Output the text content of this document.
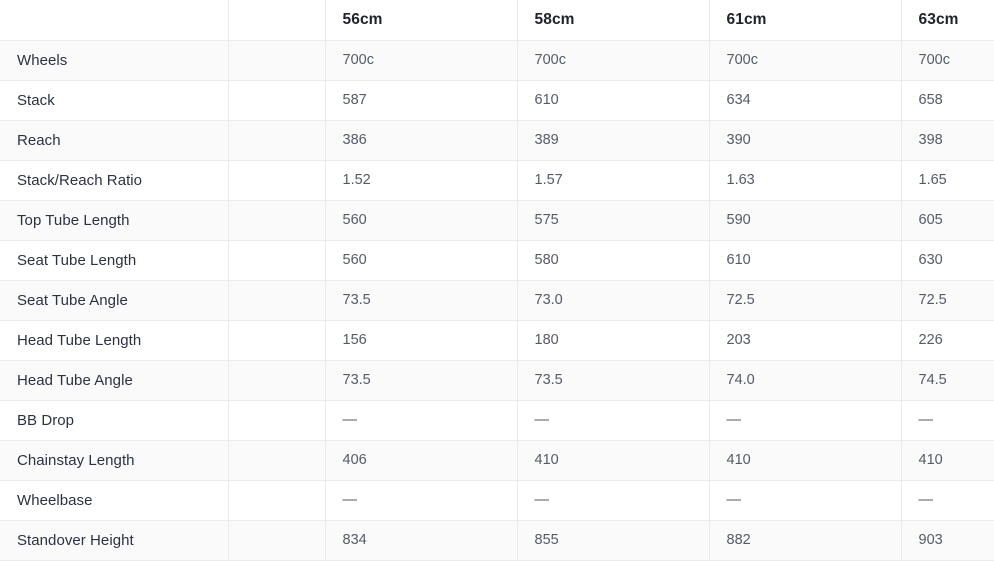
		56cm	58cm	61cm	63cm
Wheels		700c	700c	700c	700c
Stack		587	610	634	658
Reach		386	389	390	398
Stack/Reach Ratio		1.52	1.57	1.63	1.65
Top Tube Length		560	575	590	605
Seat Tube Length		560	580	610	630
Seat Tube Angle		73.5	73.0	72.5	72.5
Head Tube Length		156	180	203	226
Head Tube Angle		73.5	73.5	74.0	74.5
BB Drop		—	—	—	—
Chainstay Length		406	410	410	410
Wheelbase		—	—	—	—
Standover Height		834	855	882	903
